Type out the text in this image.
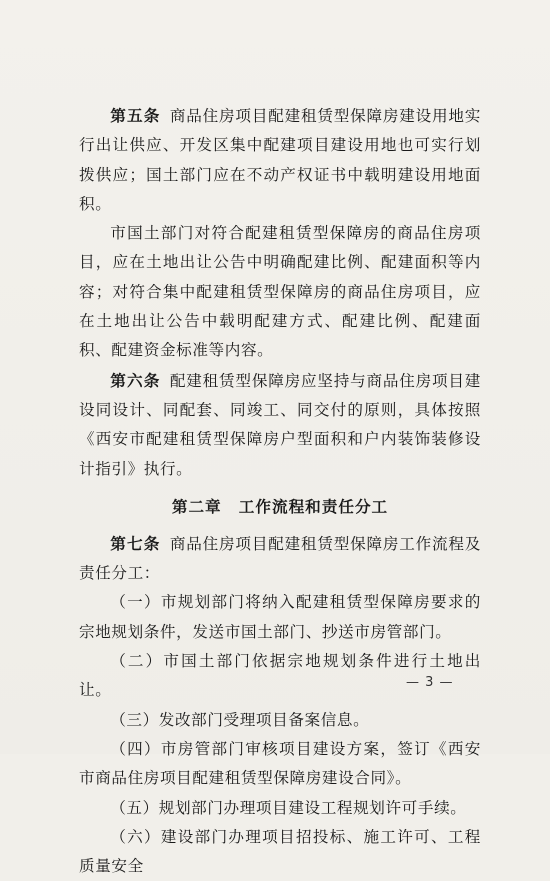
第五条 商品住房项目配建租赁型保障房建设用地实行出让供应、开发区集中配建项目建设用地也可实行划拨供应；国土部门应在不动产权证书中载明建设用地面积。

市国土部门对符合配建租赁型保障房的商品住房项目，应在土地出让公告中明确配建比例、配建面积等内容；对符合集中配建租赁型保障房的商品住房项目，应在土地出让公告中载明配建方式、配建比例、配建面积、配建资金标准等内容。

第六条 配建租赁型保障房应坚持与商品住房项目建设同设计、同配套、同竣工、同交付的原则，具体按照《西安市配建租赁型保障房户型面积和户内装饰装修设计指引》执行。

第二章 工作流程和责任分工

第七条 商品住房项目配建租赁型保障房工作流程及责任分工：

（一）市规划部门将纳入配建租赁型保障房要求的宗地规划条件，发送市国土部门、抄送市房管部门。

（二）市国土部门依据宗地规划条件进行土地出让。

（三）发改部门受理项目备案信息。

（四）市房管部门审核项目建设方案，签订《西安市商品住房项目配建租赁型保障房建设合同》。

（五）规划部门办理项目建设工程规划许可手续。

（六）建设部门办理项目招投标、施工许可、工程质量安全

— 3 —
